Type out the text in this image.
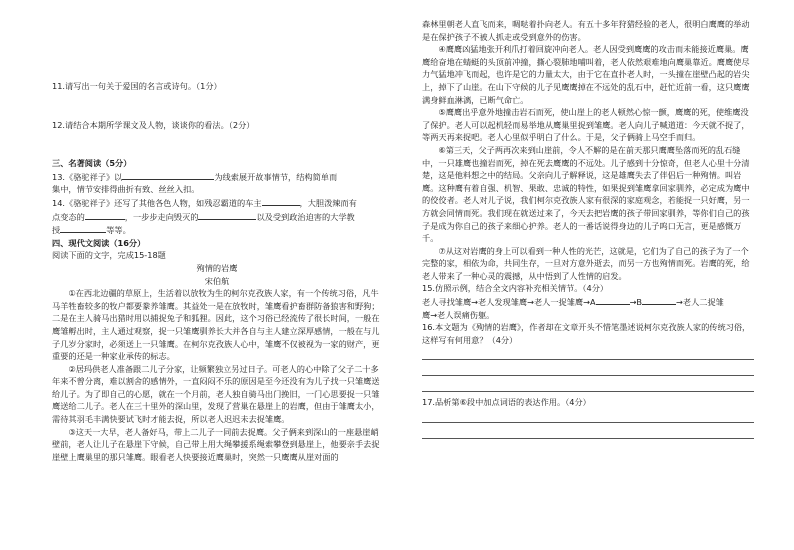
11.请写出一句关于爱国的名言或诗句。（1分）

12.请结合本期所学课文及人物，谈谈你的看法。（2分）

三、名著阅读（5分）

13.《骆驼祥子》以	为线索展开故事情节，结构简单而

集中，情节安排得曲折有致、丝丝入扣。

14.《骆驼祥子》还写了其他各色人物，如残忍霸道的车主	，大胆泼辣而有

点变态的	，一步步走向毁灭的	以及受到政治迫害的大学教

授	等等。

四、现代文阅读（16分）

阅读下面的文字，完成15-18题

殉情的岩鹰

宋伯航

①在西北边疆的草原上，生活着以放牧为生的柯尔克孜族人家，有一个传统习俗，凡牛马羊牲畜较多的牧户都要豢养雏鹰。其益处一是在放牧时，雏鹰看护畜群防备狼害和野狗；二是在主人骑马出猎时用以捕捉兔子和狐狸。因此，这个习俗已经流传了很长时间，一般在鹰雏孵出时，主人通过观察，捉一只雏鹰驯养长大并各自与主人建立深厚感情，一般在与儿子几岁分家时，必须送上一只雏鹰。在柯尔克孜族人心中，雏鹰不仅被视为一家的财产，更重要的还是一种家业承传的标志。

②居玛供老人准备跟二儿子分家，让频繁独立另过日子。可老人的心中除了父子二十多年来不曾分离，难以割舍的感情外，一直闷闷不乐的原因是至今还没有为儿子找一只雏鹰送给儿子。为了即自己的心愿，就在一个月前，老人独自骑马出门挽旧，一门心思要捉一只雏鹰送给二儿子。老人在三十里外的深山里，发现了营巢在悬崖上的岩鹰，但由于雏鹰太小，需待其羽毛丰满快要试飞时才能去捉，所以老人迟迟未去捉雏鹰。

③这天一大早，老人备好马，带上二儿子一同前去捉鹰。父子俩来到深山的一座悬崖峭壁前，老人让儿子在悬崖下守候，自己带上用大绳攀援系绳索攀登到悬崖上，他要亲手去捉崖壁上鹰巢里的那只雏鹰。眼看老人快要接近鹰巢时，突然一只鹰鹰从崖对面的

森林里朝老人直飞而来，啁哒着扑向老人。有五十多年狩猎经验的老人，很明白鹰鹰的举动是在保护孩子不被人抓走或受到意外的伤害。

④鹰鹰凶猛地张开利爪打着回旋冲向老人。老人因受到鹰鹰的攻击而未能接近鹰巢。鹰鹰给奋地在蜻蜓的头顶前冲撞，撕心裂肺地哺叫着，老人依然艰难地向鹰巢靠近。鹰鹰使尽力气猛地冲飞而起，也许是它的力量太大，由于它在直扑老人时，一头撞在崖壁凸起的岩尖上，掉下了山崖。在山下守候的儿子见鹰鹰掉在不远处的乱石中，赶忙近前一看，这只鹰鹰满身鲜血淋漓，已断气命亡。

⑤鹰鹰出乎意外地撞击岩石而死，使山崖上的老人顿然心惊一颤，鹰鹰的死，使维鹰没了保护。老人可以起机轻而易举地从鹰巢里捉到雏鹰。老人向儿子喊道道：今天就不捉了，等两天再来捉吧。老人心里似乎明白了什么。于是，父子俩骑上马空手而归。

⑥第三天，父子两再次来到山崖前，令人不解的是在前天那只鹰鹰坠落而死的乱石缝中，一只雄鹰也撞岩而死，掉在死去鹰鹰的不远处。儿子感到十分惊奇，但老人心里十分清楚，这是他料想之中的结局。父亲向儿子解释说，这是雄鹰失去了伴侣后一种殉情。叫岩鹰。这种鹰有着自强、机智、果敢、忠诚的特性，如果捉到雏鹰拿回家驯养，必定成为鹰中的佼佼者。老人对儿子说，我们柯尔克孜族人家有很深的家庭观念，若能捉一只好鹰，另一方就会同情而死。我们现在就送过来了，今天去把岩鹰的孩子带回家驯养，等你们自己的孩子是成为你自己的孩子来细心护养。老人的一番话说得身边的儿子呜口无言，更是感慨万千。

⑦从这对岩鹰的身上可以看到一种人性的光芒，这就是，它们为了自己的孩子为了一个完整的家，相依为命，共同生存，一旦对方意外逝去，而另一方也殉情而死。岩鹰的死，给老人带来了一种心灵的震撼，从中悟到了人性情的启发。

15.仿照示例，结合全文内容补充相关情节。（4分）

老人寻找雏鹰→老人发现雏鹰→老人一捉雏鹰→A	→B	→老人二捉雏

鹰→老人误痛伤躯。

16.本文题为《殉情的岩鹰》，作者却在文章开头不惜笔墨述说柯尔克孜族人家的传统习俗，这样写有何用意？（4分）

17.品析第⑥段中加点词语的表达作用。（4分）
